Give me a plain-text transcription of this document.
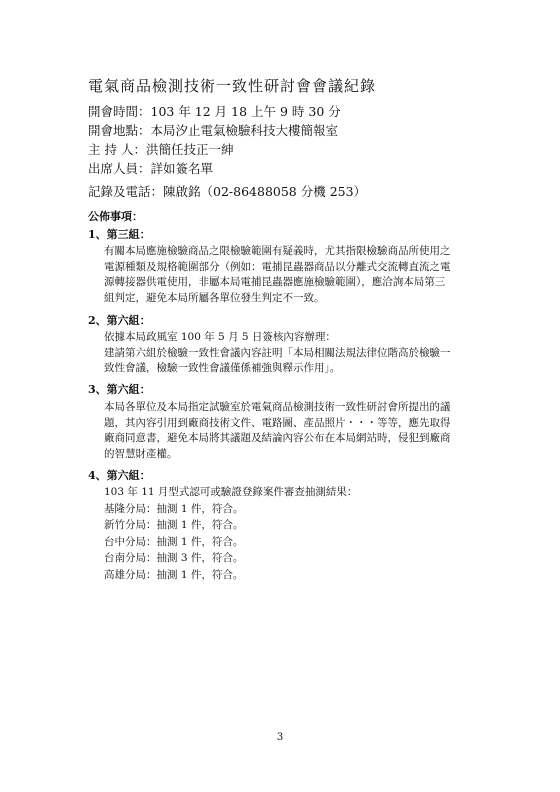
電氣商品檢測技術一致性研討會會議紀錄
開會時間：103 年 12 月 18 上午 9 時 30 分
開會地點：本局汐止電氣檢驗科技大樓簡報室
主 持 人：洪簡任技正一紳
出席人員：詳如簽名單
記錄及電話：陳啟銘（02-86488058 分機 253）
公佈事項：
1、第三組：
有關本局應施檢驗商品之限檢驗範圍有疑義時，尤其指限檢驗商品所使用之
電源種類及規格範圍部分（例如：電捕昆蟲器商品以分離式交流轉直流之電
源轉接器供電使用，非屬本局電捕昆蟲器應施檢驗範圍），應洽詢本局第三
組判定，避免本局所屬各單位發生判定不一致。
2、第六組：
依據本局政風室 100 年 5 月 5 日簽核內容辦理：
建請第六組於檢驗一致性會議內容註明「本局相關法規法律位階高於檢驗一
致性會議，檢驗一致性會議僅係補強與釋示作用」。
3、第六組：
本局各單位及本局指定試驗室於電氣商品檢測技術一致性研討會所提出的議
題，其內容引用到廠商技術文件、電路圖、產品照片・・・等等，應先取得
廠商同意書，避免本局將其議題及結論內容公布在本局網站時，侵犯到廠商
的智慧財產權。
4、第六組：
103 年 11 月型式認可或驗證登錄案件審查抽測結果：
基隆分局：抽測 1 件，符合。
新竹分局：抽測 1 件，符合。
台中分局：抽測 1 件，符合。
台南分局：抽測 3 件，符合。
高雄分局：抽測 1 件，符合。
3
